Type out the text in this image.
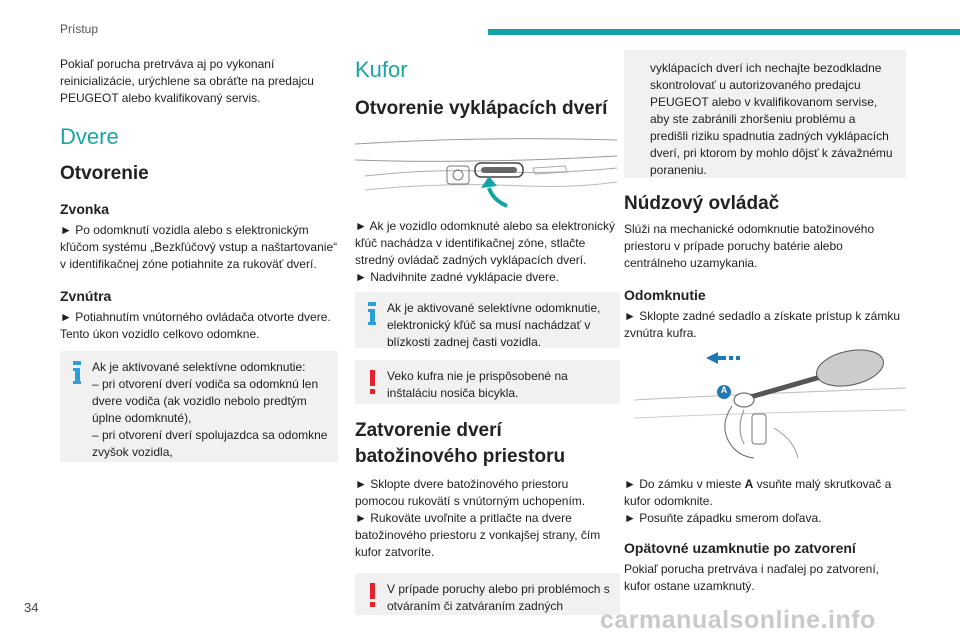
Prístup

Pokiaľ porucha pretrváva aj po vykonaní reinicializácie, urýchlene sa obráťte na predajcu PEUGEOT alebo kvalifikovaný servis.

Dvere
Otvorenie
Zvonka

► Po odomknutí vozidla alebo s elektronickým kľúčom systému „Bezkľúčový vstup a naštartovanie“ v identifikačnej zóne potiahnite za rukoväť dverí.

Zvnútra

► Potiahnutím vnútorného ovládača otvorte dvere. Tento úkon vozidlo celkovo odomkne.

Ak je aktivované selektívne odomknutie:
– pri otvorení dverí vodiča sa odomknú len dvere vodiča (ak vozidlo nebolo predtým úplne odomknuté),
– pri otvorení dverí spolujazdca sa odomkne zvyšok vozidla,

Kufor
Otvorenie vyklápacích dverí

► Ak je vozidlo odomknuté alebo sa elektronický kľúč nachádza v identifikačnej zóne, stlačte stredný ovládač zadných vyklápacích dverí.
► Nadvihnite zadné vyklápacie dvere.

Ak je aktivované selektívne odomknutie, elektronický kľúč sa musí nachádzať v blízkosti zadnej časti vozidla.

Veko kufra nie je prispôsobené na inštaláciu nosiča bicykla.

Zatvorenie dverí batožinového priestoru

► Sklopte dvere batožinového priestoru pomocou rukovätí s vnútorným uchopením.
► Rukoväte uvoľnite a pritlačte na dvere batožinového priestoru z vonkajšej strany, čím kufor zatvoríte.

V prípade poruchy alebo pri problémoch s otváraním či zatváraním zadných

vyklápacích dverí ich nechajte bezodkladne skontrolovať u autorizovaného predajcu PEUGEOT alebo v kvalifikovanom servise, aby ste zabránili zhoršeniu problému a predišli riziku spadnutia zadných vyklápacích dverí, pri ktorom by mohlo dôjsť k závažnému poraneniu.

Núdzový ovládač

Slúži na mechanické odomknutie batožinového priestoru v prípade poruchy batérie alebo centrálneho uzamykania.

Odomknutie

► Sklopte zadné sedadlo a získate prístup k zámku zvnútra kufra.

A

► Do zámku v mieste A vsuňte malý skrutkovač a kufor odomknite.
► Posuňte západku smerom doľava.

Opätovné uzamknutie po zatvorení

Pokiaľ porucha pretrváva i naďalej po zatvorení, kufor ostane uzamknutý.

34	carmanualsonline.info
